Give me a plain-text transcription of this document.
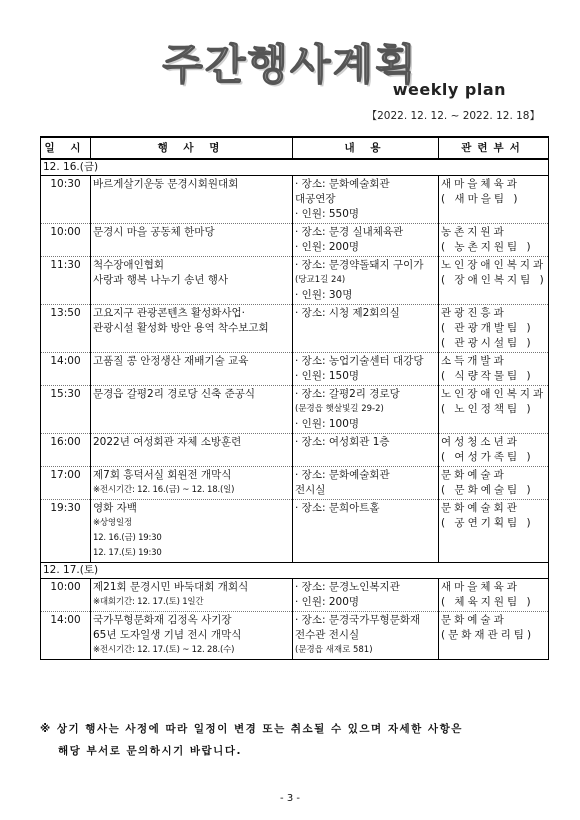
주간행사계획
weekly plan
【2022. 12. 12. ~ 2022. 12. 18】
일 시	행 사 명	내 용	관련부서
12. 16.(금)			
10:30	바르게살기운동 문경시회원대회	· 장소: 문화예술회관
대공연장
· 인원: 550명	새마을체육과
( 새마을팀 )

10:00	문경시 마을 공동체 한마당	· 장소: 문경 실내체육관
· 인원: 200명	농촌지원과
( 농촌지원팀 )

11:30	척수장애인협회
사랑과 행복 나누기 송년 행사	· 장소: 문경약돌돼지 구이가
(당교1길 24)
· 인원: 30명	노인장애인복지과
( 장애인복지팀 )

13:50	고요지구 관광콘텐츠 활성화사업·
관광시설 활성화 방안 용역 착수보고회	· 장소: 시청 제2회의실	관광진흥과
( 관광개발팀 )
( 관광시설팀 )

14:00	고품질 콩 안정생산 재배기술 교육	· 장소: 농업기술센터 대강당
· 인원: 150명	소득개발과
( 식량작물팀 )

15:30	문경읍 갈평2리 경로당 신축 준공식	· 장소: 갈평2리 경로당
(문경읍 햇살빛길 29-2)
· 인원: 100명	노인장애인복지과
( 노인정책팀 )

16:00	2022년 여성회관 자체 소방훈련	· 장소: 여성회관 1층	여성청소년과
( 여성가족팀 )

17:00	제7회 흥덕서실 회원전 개막식
※전시기간: 12. 16.(금) ~ 12. 18.(일)	· 장소: 문화예술회관
전시실	문화예술과
( 문화예술팀 )

19:30	영화 자백
※상영일정
12. 16.(금) 19:30
12. 17.(토) 19:30	· 장소: 문희아트홀	문화예술회관
( 공연기획팀 )

12. 17.(토)			
10:00	제21회 문경시민 바둑대회 개회식
※대회기간: 12. 17.(토) 1일간	· 장소: 문경노인복지관
· 인원: 200명	새마을체육과
( 체육지원팀 )

14:00	국가무형문화재 김정옥 사기장
65년 도자일생 기념 전시 개막식
※전시기간: 12. 17.(토) ~ 12. 28.(수)	· 장소: 문경국가무형문화재
전수관 전시실
(문경읍 새재로 581)	문화예술과
(문화재관리팀)
※ 상기 행사는 사정에 따라 일정이 변경 또는 취소될 수 있으며 자세한 사항은
해당 부서로 문의하시기 바랍니다.
- 3 -
